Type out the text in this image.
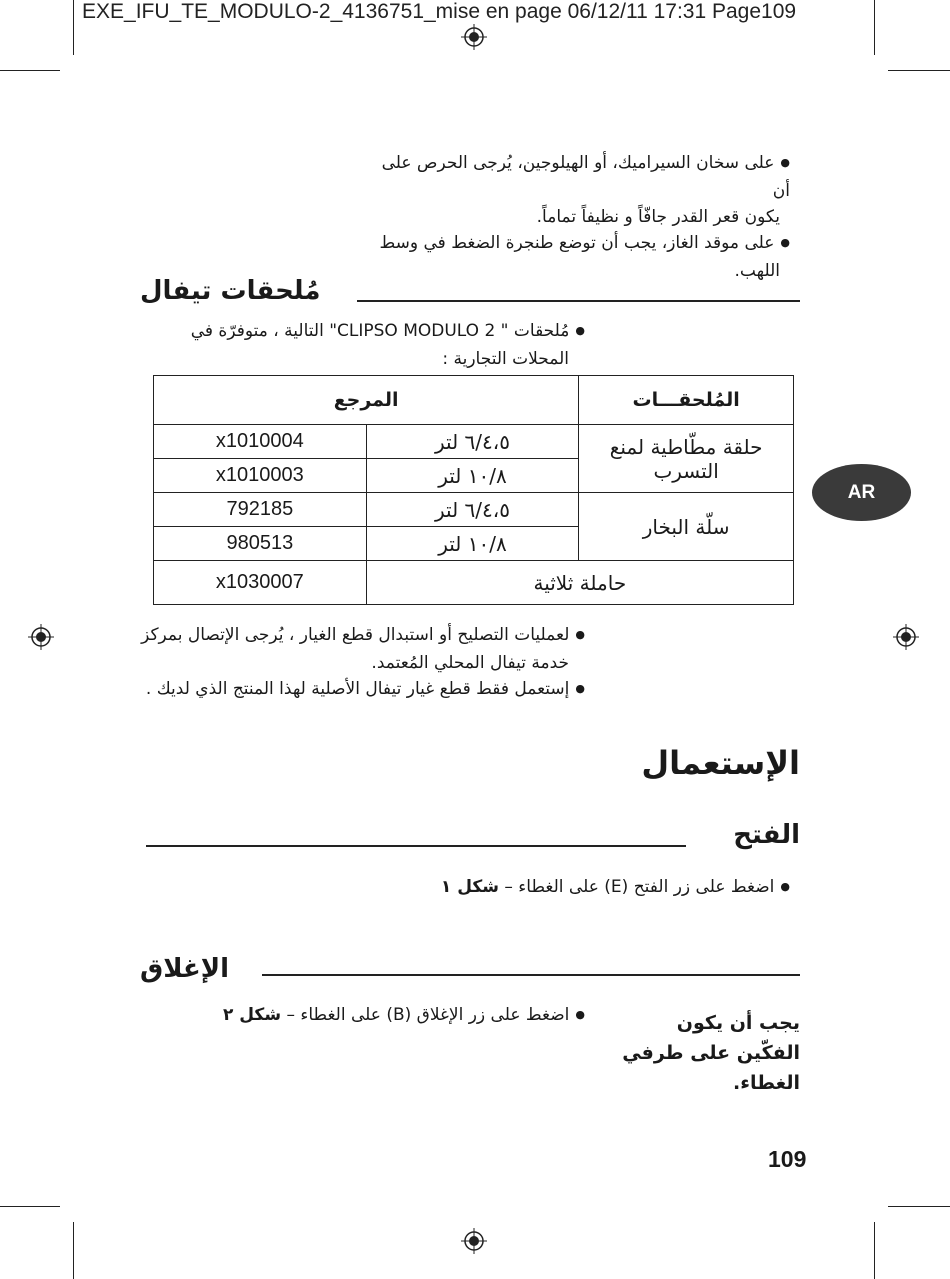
EXE_IFU_TE_MODULO-2_4136751_mise en page 06/12/11 17:31 Page109
● على سخان السيراميك، أو الهيلوجين، يُرجى الحرص على أن
يكون قعر القدر جافّاً و نظيفاً تماماً.
● على موقد الغاز، يجب أن توضع طنجرة الضغط في وسط
اللهب.
مُلحقات تيفال
● مُلحقات " CLIPSO MODULO 2" التالية ، متوفرّة في
المحلات التجارية :
المرجع		المُلحقـــات
x1010004	٦/٤،٥ لتر	حلقة مطّاطية لمنع التسرب
x1010003	١٠/٨ لتر	
792185	٦/٤،٥ لتر	سلّة البخار
980513	١٠/٨ لتر	
x1030007	حاملة ثلاثية	
AR
● لعمليات التصليح أو استبدال قطع الغيار ، يُرجى الإتصال بمركز
خدمة تيفال المحلي المُعتمد.
● إستعمل فقط قطع غيار تيفال الأصلية لهذا المنتج الذي لديك .
الإستعمال
الفتح
● اضغط على زر الفتح (E) على الغطاء – شكل ١
الإغلاق
● اضغط على زر الإغلاق (B) على الغطاء – شكل ٢	يجب أن يكون
الفكّين على طرفي
الغطاء.
109
